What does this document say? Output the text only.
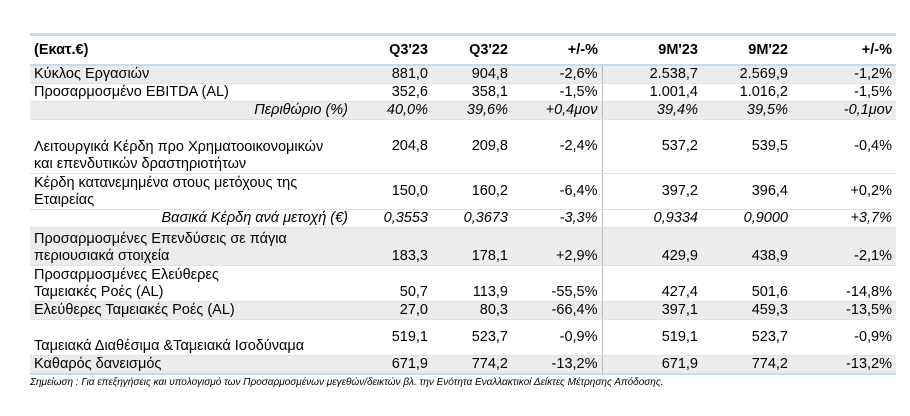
(Εκατ.€)	Q3'23	Q3'22	+/-%	9M'23	9M'22	+/-%
Κύκλος Εργασιών	881,0	904,8	-2,6%	2.538,7	2.569,9	-1,2%
Προσαρμοσμένο EBITDA (AL)	352,6	358,1	-1,5%	1.001,4	1.016,2	-1,5%
Περιθώριο (%)	40,0%	39,6%	+0,4μον	39,4%	39,5%	-0,1μον
Λειτουργικά Κέρδη προ Χρηματοοικονομικών και επενδυτικών δραστηριοτήτων	204,8	209,8	-2,4%	537,2	539,5	-0,4%
Κέρδη κατανεμημένα στους μετόχους της Εταιρείας	150,0	160,2	-6,4%	397,2	396,4	+0,2%
Βασικά Κέρδη ανά μετοχή (€)	0,3553	0,3673	-3,3%	0,9334	0,9000	+3,7%
Προσαρμοσμένες Επενδύσεις σε πάγια περιουσιακά στοιχεία	183,3	178,1	+2,9%	429,9	438,9	-2,1%
Προσαρμοσμένες Ελεύθερες Ταμειακές Ροές (AL)	50,7	113,9	-55,5%	427,4	501,6	-14,8%
Ελεύθερες Ταμειακές Ροές (AL)	27,0	80,3	-66,4%	397,1	459,3	-13,5%
Ταμειακά Διαθέσιμα &Ταμειακά Ισοδύναμα	519,1	523,7	-0,9%	519,1	523,7	-0,9%
Καθαρός δανεισμός	671,9	774,2	-13,2%	671,9	774,2	-13,2%
Σημείωση : Για επεξηγήσεις και υπολογισμό των Προσαρμοσμένων μεγεθών/δεικτών βλ. την Ενότητα Εναλλακτικοί Δείκτες Μέτρησης Απόδοσης.
